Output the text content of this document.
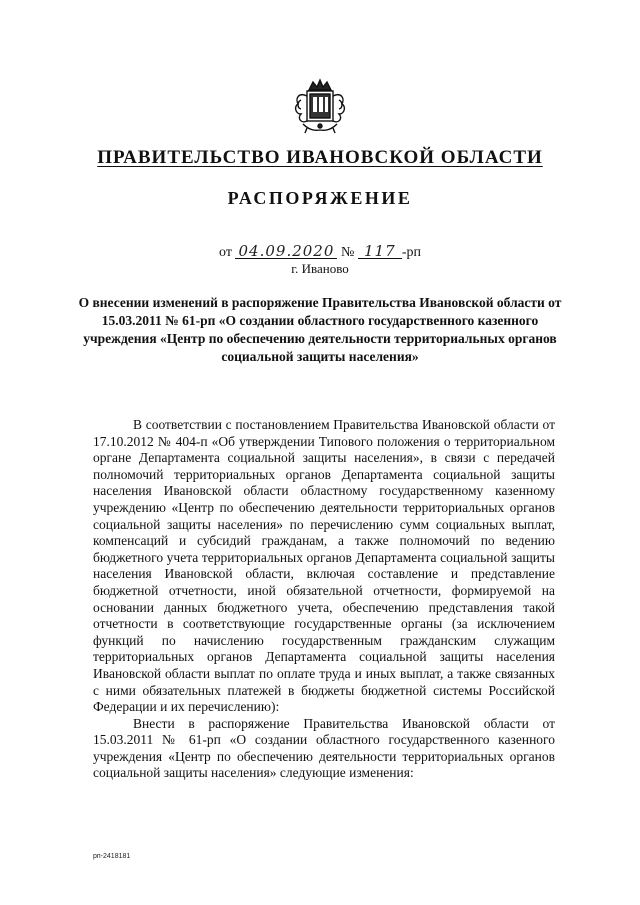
ПРАВИТЕЛЬСТВО ИВАНОВСКОЙ ОБЛАСТИ
РАСПОРЯЖЕНИЕ
от 04.09.2020 № 117 -рп
г. Иваново
О внесении изменений в распоряжение Правительства Ивановской области от 15.03.2011 № 61-рп «О создании областного государственного казенного учреждения «Центр по обеспечению деятельности территориальных органов социальной защиты населения»

В соответствии с постановлением Правительства Ивановской области от 17.10.2012 № 404-п «Об утверждении Типового положения о территориальном органе Департамента социальной защиты населения», в связи с передачей полномочий территориальных органов Департамента социальной защиты населения Ивановской области областному государственному казенному учреждению «Центр по обеспечению деятельности территориальных органов социальной защиты населения» по перечислению сумм социальных выплат, компенсаций и субсидий гражданам, а также полномочий по ведению бюджетного учета территориальных органов Департамента социальной защиты населения Ивановской области, включая составление и представление бюджетной отчетности, иной обязательной отчетности, формируемой на основании данных бюджетного учета, обеспечению представления такой отчетности в соответствующие государственные органы (за исключением функций по начислению государственным гражданским служащим территориальных органов Департамента социальной защиты населения Ивановской области выплат по оплате труда и иных выплат, а также связанных с ними обязательных платежей в бюджеты бюджетной системы Российской Федерации и их перечислению):

Внести в распоряжение Правительства Ивановской области от 15.03.2011 № 61-рп «О создании областного государственного казенного учреждения «Центр по обеспечению деятельности территориальных органов социальной защиты населения» следующие изменения:

рп-2418181
